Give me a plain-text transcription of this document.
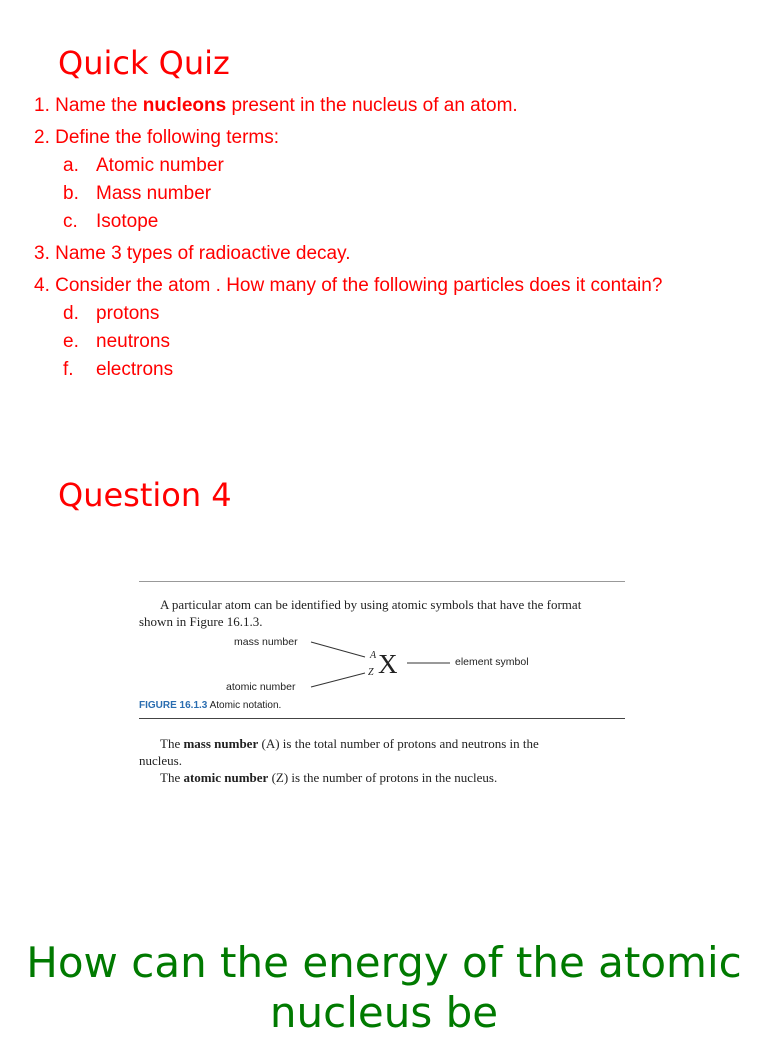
Quick Quiz
1. Name the nucleons present in the nucleus of an atom.
2. Define the following terms:
a. Atomic number
b. Mass number
c. Isotope
3. Name 3 types of radioactive decay.
4. Consider the atom . How many of the following particles does it contain?
d. protons
e. neutrons
f. electrons
Question 4
A particular atom can be identified by using atomic symbols that have the format
shown in Figure 16.1.3.
mass number
atomic number
element symbol
A
Z X
FIGURE 16.1.3 Atomic notation.
The mass number (A) is the total number of protons and neutrons in the
nucleus.
The atomic number (Z) is the number of protons in the nucleus.
How can the energy of the atomic nucleus be
